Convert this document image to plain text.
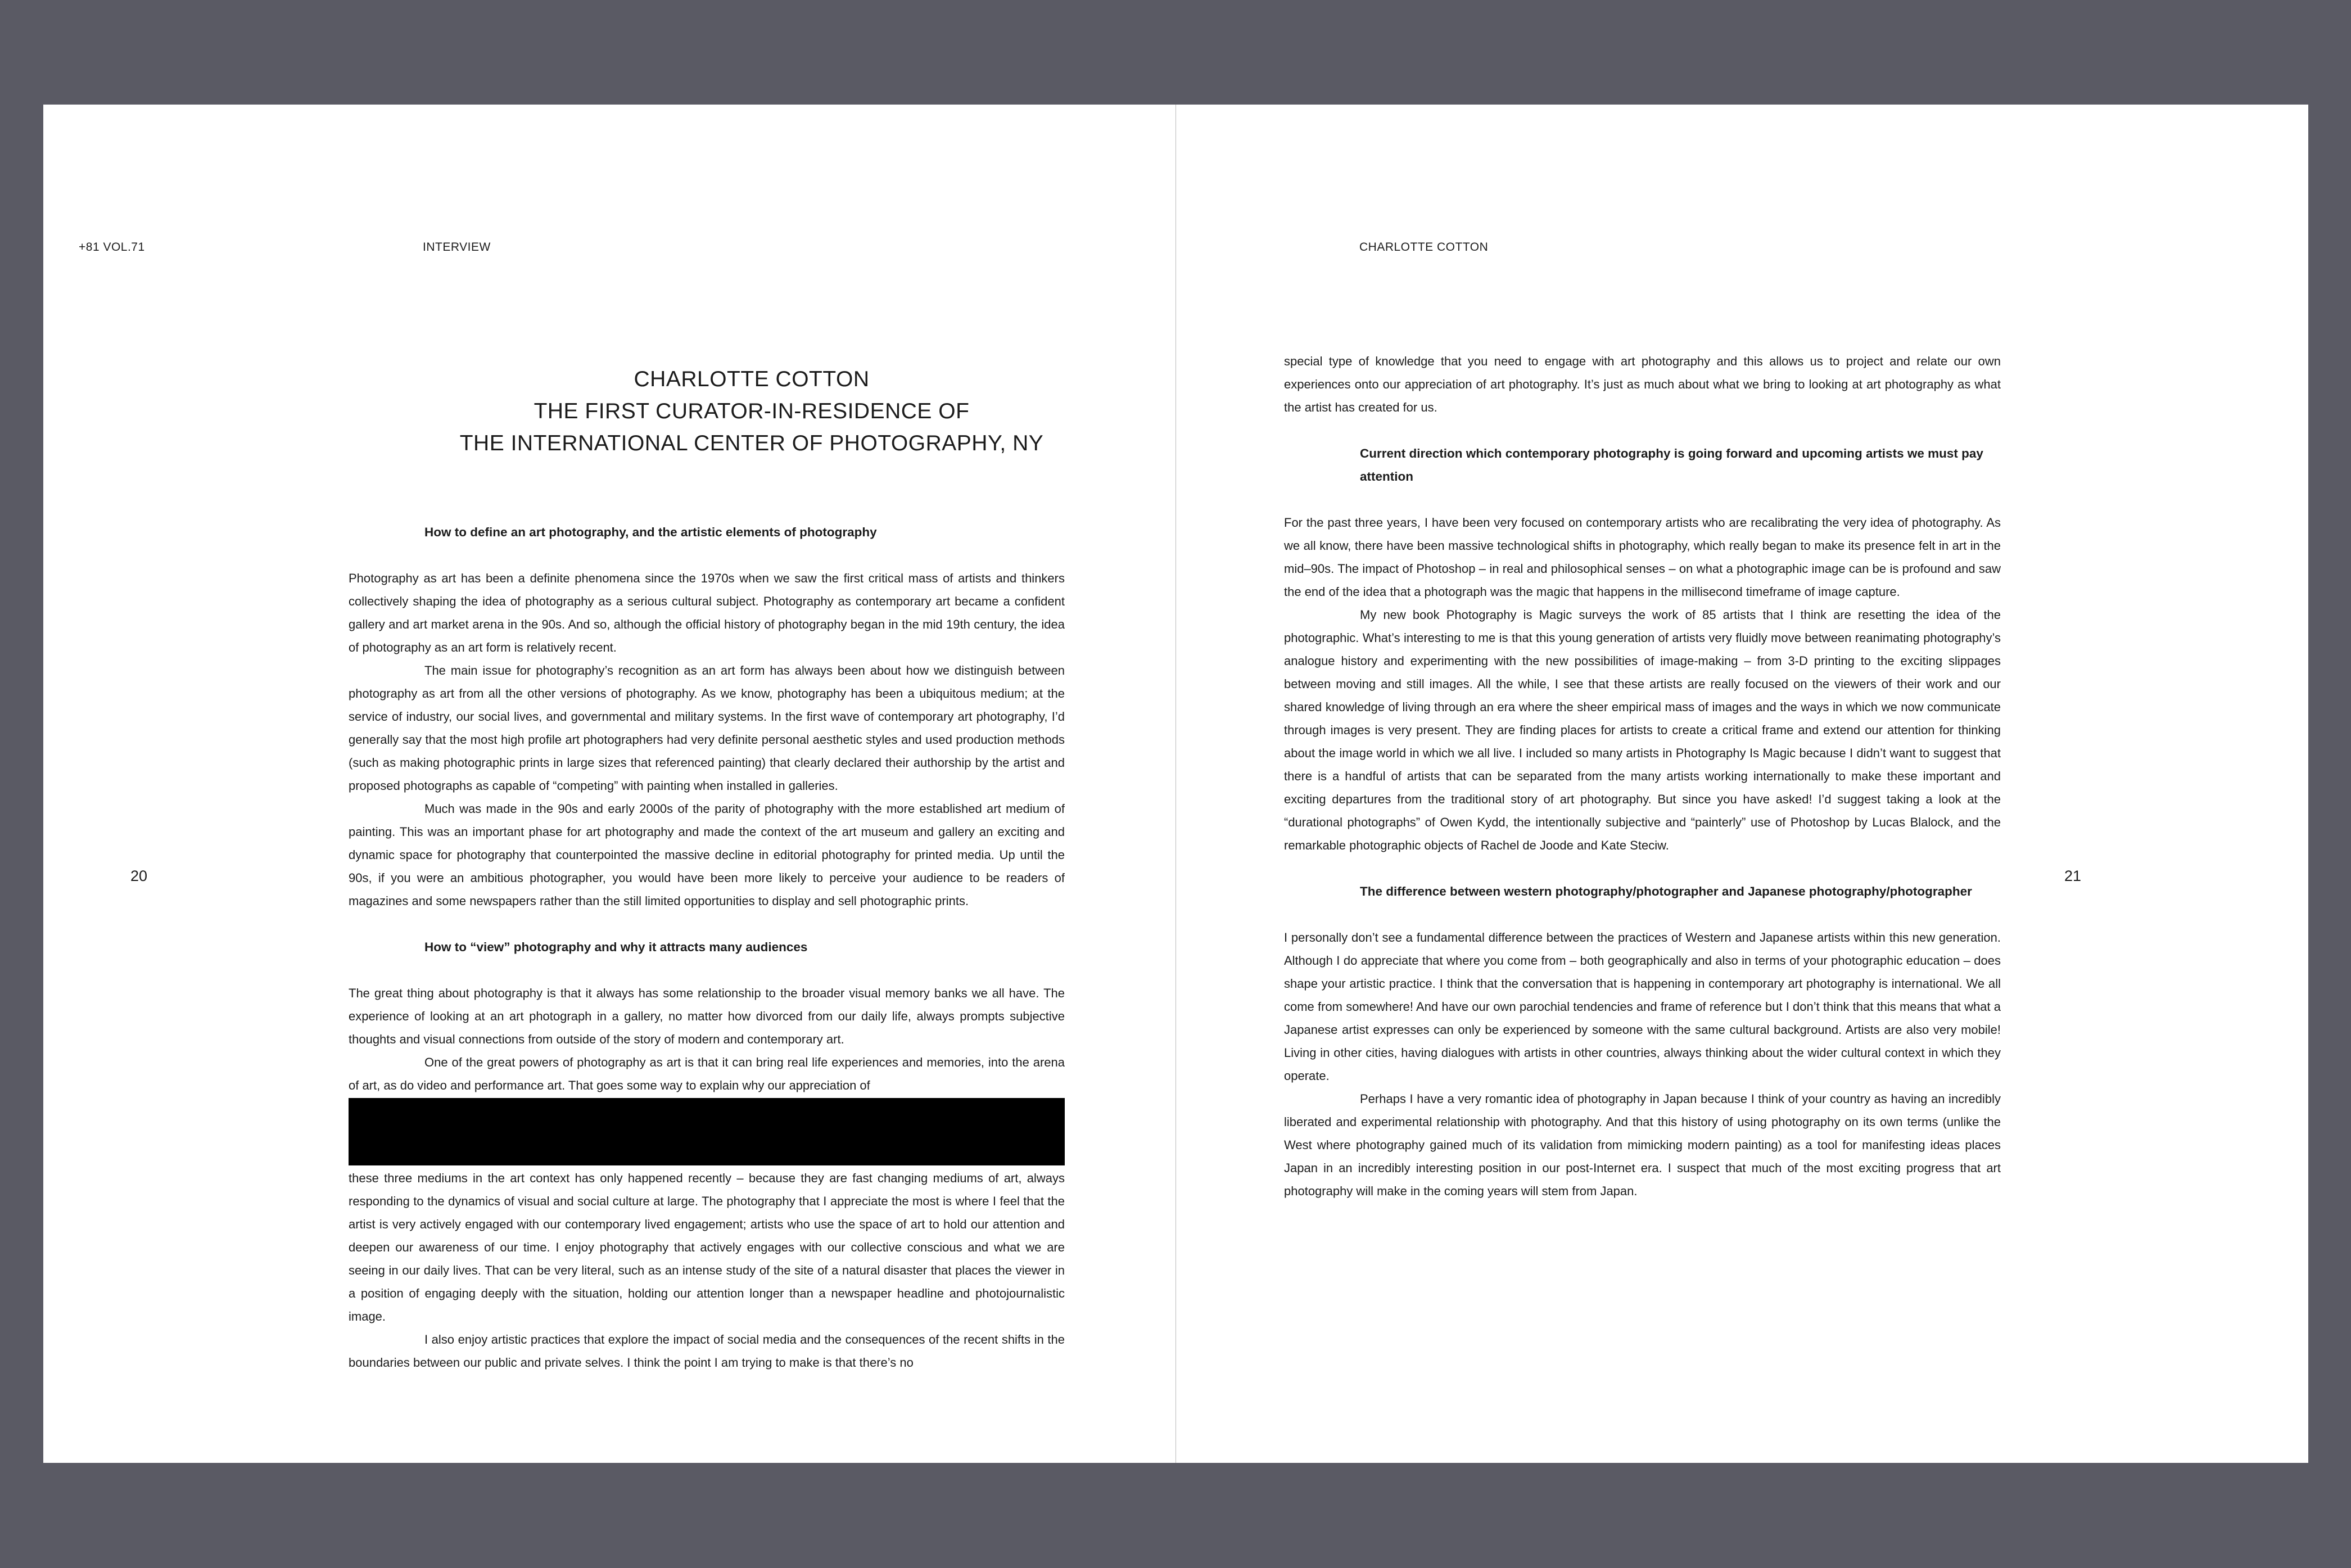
+81 VOL.71	INTERVIEW
20
CHARLOTTE COTTON
THE FIRST CURATOR-IN-RESIDENCE OF
THE INTERNATIONAL CENTER OF PHOTOGRAPHY, NY
How to define an art photography, and the artistic elements of photography

Photography as art has been a definite phenomena since the 1970s when we saw the first critical mass of artists and thinkers collectively shaping the idea of photography as a serious cultural subject. Photography as contemporary art became a confident gallery and art market arena in the 90s. And so, although the official history of photography began in the mid 19th century, the idea of photography as an art form is relatively recent.

The main issue for photography’s recognition as an art form has always been about how we distinguish between photography as art from all the other versions of photography. As we know, photography has been a ubiquitous medium; at the service of industry, our social lives, and governmental and military systems. In the first wave of contemporary art photography, I’d generally say that the most high profile art photographers had very definite personal aesthetic styles and used production methods (such as making photographic prints in large sizes that referenced painting) that clearly declared their authorship by the artist and proposed photographs as capable of “competing” with painting when installed in galleries.

Much was made in the 90s and early 2000s of the parity of photography with the more established art medium of painting. This was an important phase for art photography and made the context of the art museum and gallery an exciting and dynamic space for photography that counterpointed the massive decline in editorial photography for printed media. Up until the 90s, if you were an ambitious photographer, you would have been more likely to perceive your audience to be readers of magazines and some newspapers rather than the still limited opportunities to display and sell photographic prints.

How to “view” photography and why it attracts many audiences

The great thing about photography is that it always has some relationship to the broader visual memory banks we all have. The experience of looking at an art photograph in a gallery, no matter how divorced from our daily life, always prompts subjective thoughts and visual connections from outside of the story of modern and contemporary art.

One of the great powers of photography as art is that it can bring real life experiences and memories, into the arena of art, as do video and performance art. That goes some way to explain why our appreciation of

these three mediums in the art context has only happened recently – because they are fast changing mediums of art, always responding to the dynamics of visual and social culture at large. The photography that I appreciate the most is where I feel that the artist is very actively engaged with our contemporary lived engagement; artists who use the space of art to hold our attention and deepen our awareness of our time. I enjoy photography that actively engages with our collective conscious and what we are seeing in our daily lives. That can be very literal, such as an intense study of the site of a natural disaster that places the viewer in a position of engaging deeply with the situation, holding our attention longer than a newspaper headline and photojournalistic image.

I also enjoy artistic practices that explore the impact of social media and the consequences of the recent shifts in the boundaries between our public and private selves. I think the point I am trying to make is that there’s no

CHARLOTTE COTTON
21

special type of knowledge that you need to engage with art photography and this allows us to project and relate our own experiences onto our appreciation of art photography. It’s just as much about what we bring to looking at art photography as what the artist has created for us.

Current direction which contemporary photography is going forward and upcoming artists we must pay attention

For the past three years, I have been very focused on contemporary artists who are recalibrating the very idea of photography. As we all know, there have been massive technological shifts in photography, which really began to make its presence felt in art in the mid–90s. The impact of Photoshop – in real and philosophical senses – on what a photographic image can be is profound and saw the end of the idea that a photograph was the magic that happens in the millisecond timeframe of image capture.

My new book Photography is Magic surveys the work of 85 artists that I think are resetting the idea of the photographic. What’s interesting to me is that this young generation of artists very fluidly move between reanimating photography’s analogue history and experimenting with the new possibilities of image-making – from 3-D printing to the exciting slippages between moving and still images. All the while, I see that these artists are really focused on the viewers of their work and our shared knowledge of living through an era where the sheer empirical mass of images and the ways in which we now communicate through images is very present. They are finding places for artists to create a critical frame and extend our attention for thinking about the image world in which we all live. I included so many artists in Photography Is Magic because I didn’t want to suggest that there is a handful of artists that can be separated from the many artists working internationally to make these important and exciting departures from the traditional story of art photography. But since you have asked! I’d suggest taking a look at the “durational photographs” of Owen Kydd, the intentionally subjective and “painterly” use of Photoshop by Lucas Blalock, and the remarkable photographic objects of Rachel de Joode and Kate Steciw.

The difference between western photography/photographer and Japanese photography/photographer

I personally don’t see a fundamental difference between the practices of Western and Japanese artists within this new generation. Although I do appreciate that where you come from – both geographically and also in terms of your photographic education – does shape your artistic practice. I think that the conversation that is happening in contemporary art photography is international. We all come from somewhere! And have our own parochial tendencies and frame of reference but I don’t think that this means that what a Japanese artist expresses can only be experienced by someone with the same cultural background. Artists are also very mobile! Living in other cities, having dialogues with artists in other countries, always thinking about the wider cultural context in which they operate.

Perhaps I have a very romantic idea of photography in Japan because I think of your country as having an incredibly liberated and experimental relationship with photography. And that this history of using photography on its own terms (unlike the West where photography gained much of its validation from mimicking modern painting) as a tool for manifesting ideas places Japan in an incredibly interesting position in our post-Internet era. I suspect that much of the most exciting progress that art photography will make in the coming years will stem from Japan.
